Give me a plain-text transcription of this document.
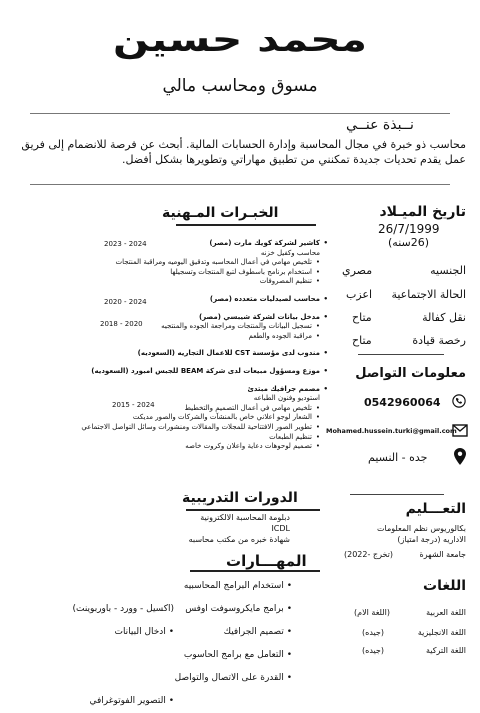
محمد حسين
مسوق ومحاسب مالي
نــبذة عنــي
محاسب ذو خبرة في مجال المحاسبة وإدارة الحسابات المالية. أبحث عن فرصة للانضمام إلى فريق عمل يقدم تحديات جديدة تمكنني من تطبيق مهاراتي وتطويرها بشكل أفضل.
الخبـرات المـهنية
• كاشير لشركة كويك مارت (مصر)
محاسب وكفيل خزنه
• تلخيص مهامي في أعمال المحاسبه وتدقيق اليوميه ومراقبة المنتجات
• استخدام برنامج باسطوف لتبع المنتجات وتسجيلها
• تنظيم المصروفات
• محاسب لصيدليات متعدده (مصر)
• مدخل بيانات لشركة شيبسي (مصر)
• تسجيل البيانات والمنتجات ومراجعة الجوده والمنتجيه
• مراقبة الجوده والطعم
• مندوب لدى مؤسسة CST للاعمال التجاريه (السعوديه)
• موزع ومسؤول مبيعات لدى شركة BEAM للجبس امبورد (السعوديه)
• مصمم جرافيك مبتدئ
استوديو وفنون الطباعه
• تلخيص مهامي في أعمال التصميم والتخطيط
• الشعار لوجو اعلاني خاص بالمنشآت والشركات والصور مديكت
• تطوير الصور الافتتاحية للمجلات والمقالات ومنشورات وسائل التواصل الاجتماعي
• تنظيم الطبعات
• تصميم لوحوهات دعاية واعلان وكروت خاصه
2023 - 2024
2020 - 2024
2018 - 2020
2015 - 2024
الدورات التدريبية
دبلومة المحاسبة الالكترونية
ICDL
شهادة خبره من مكتب محاسبه
المهـــارات
• استخدام البرامج المحاسبيه
• برامج مايكروسوفت اوفس
• تصميم الجرافيك
• التعامل مع برامج الحاسوب
• القدرة على الاتصال والتواصل
(اكسيل - وورد - باوربوينت)
• ادخال البيانات
• التصوير الفوتوغرافي
تاريخ الميـلاد
26/7/1999
(26سنه)
الجنسيه
مصري
الحالة الاجتماعية
اعزب
نقل كفالة
متاح
رخصة قيادة
متاح
معلومات التواصل
0542960064
Mohamed.hussein.turki@gmail.com
جده - النسيم
التعـــليم
بكالوريوس نظم المعلومات
الاداريه (درجة امتياز)
جامعة الشهرة
(تخرج -2022)
اللغات
اللغة العربية
(اللغة الام)
اللغة الانجليزية
(جيده)
اللغة التركية
(جيده)
